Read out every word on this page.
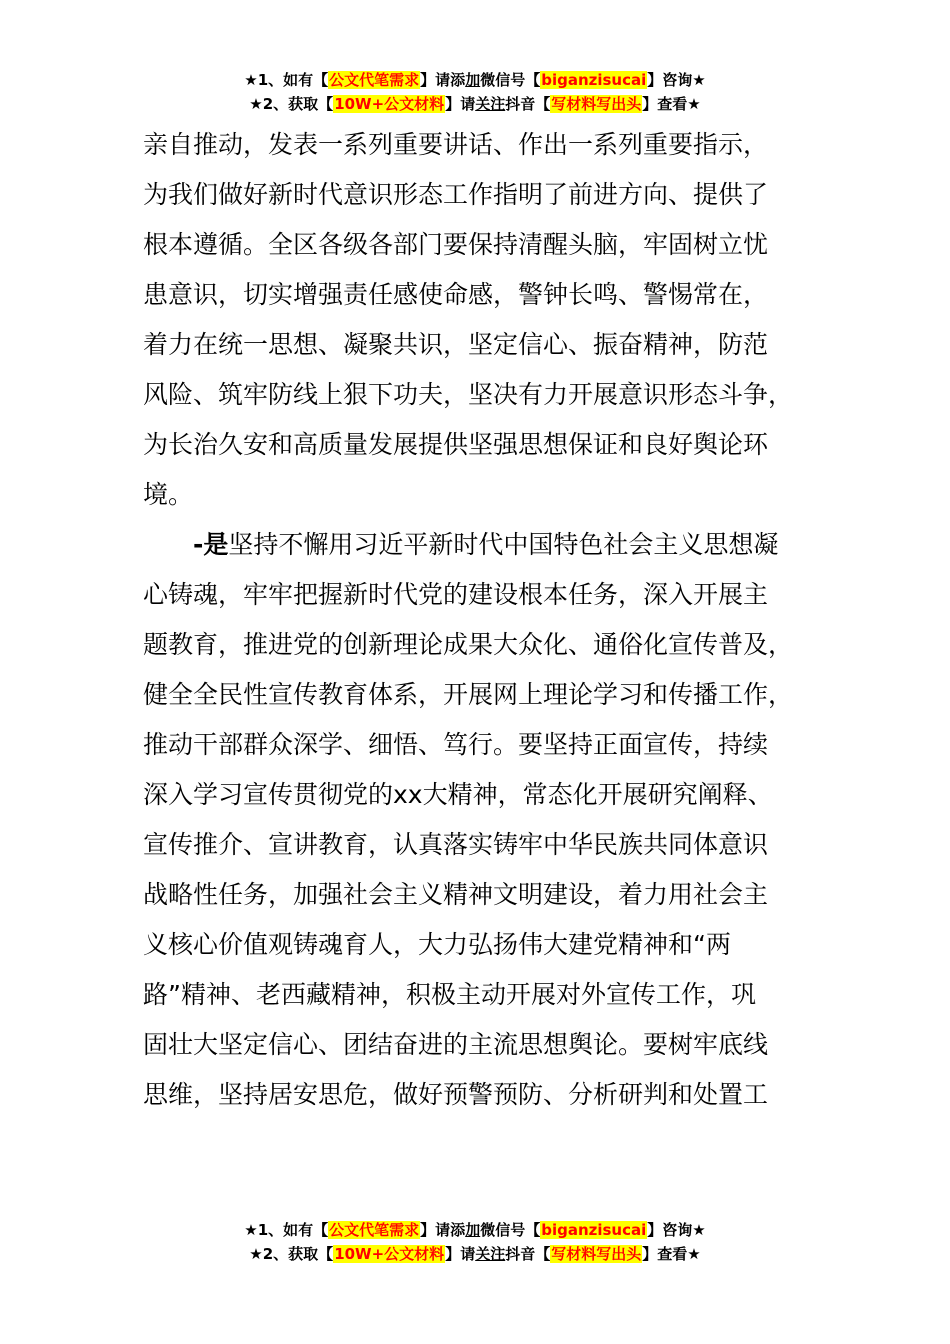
★1、如有【公文代笔需求】请添加微信号【biganzisucai】咨询★
★2、获取【10W+公文材料】请关注抖音【写材料写出头】查看★
亲自推动，发表一系列重要讲话、作出一系列重要指示，
为我们做好新时代意识形态工作指明了前进方向、提供了
根本遵循。全区各级各部门要保持清醒头脑，牢固树立忧
患意识，切实增强责任感使命感，警钟长鸣、警惕常在，
着力在统一思想、凝聚共识，坚定信心、振奋精神，防范
风险、筑牢防线上狠下功夫，坚决有力开展意识形态斗争，
为长治久安和高质量发展提供坚强思想保证和良好舆论环
境。
-是坚持不懈用习近平新时代中国特色社会主义思想凝
心铸魂，牢牢把握新时代党的建设根本任务，深入开展主
题教育，推进党的创新理论成果大众化、通俗化宣传普及，
健全全民性宣传教育体系，开展网上理论学习和传播工作，
推动干部群众深学、细悟、笃行。要坚持正面宣传，持续
深入学习宣传贯彻党的xx大精神，常态化开展研究阐释、
宣传推介、宣讲教育，认真落实铸牢中华民族共同体意识
战略性任务，加强社会主义精神文明建设，着力用社会主
义核心价值观铸魂育人，大力弘扬伟大建党精神和“两
路”精神、老西藏精神，积极主动开展对外宣传工作，巩
固壮大坚定信心、团结奋进的主流思想舆论。要树牢底线
思维，坚持居安思危，做好预警预防、分析研判和处置工
★1、如有【公文代笔需求】请添加微信号【biganzisucai】咨询★
★2、获取【10W+公文材料】请关注抖音【写材料写出头】查看★
